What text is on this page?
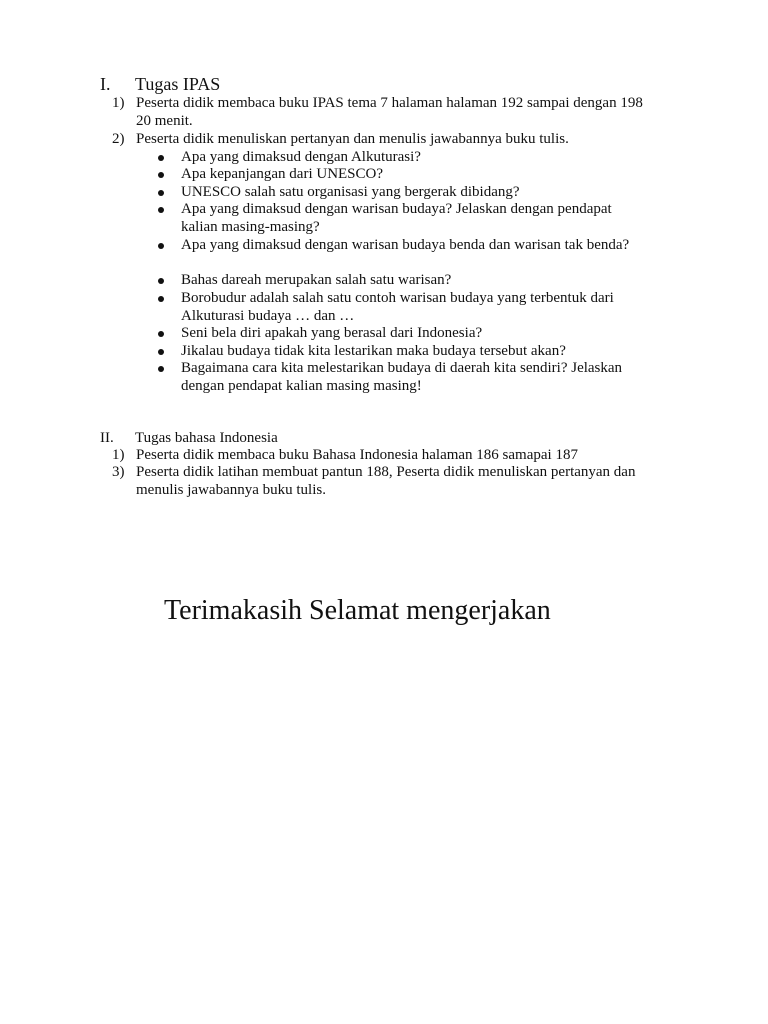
I. Tugas IPAS
1) Peserta didik membaca buku IPAS tema 7 halaman halaman 192 sampai dengan 198 20 menit.
2) Peserta didik menuliskan pertanyan dan menulis jawabannya buku tulis.
Apa yang dimaksud dengan Alkuturasi?
Apa kepanjangan dari UNESCO?
UNESCO salah satu organisasi yang bergerak dibidang?
Apa yang dimaksud dengan warisan budaya? Jelaskan dengan pendapat kalian masing-masing?
Apa yang dimaksud dengan warisan budaya benda dan warisan tak benda?
Bahas dareah merupakan salah satu warisan?
Borobudur adalah salah satu contoh warisan budaya yang terbentuk dari Alkuturasi budaya … dan …
Seni bela diri apakah yang berasal dari Indonesia?
Jikalau budaya tidak kita lestarikan maka budaya tersebut akan?
Bagaimana cara kita melestarikan budaya di daerah kita sendiri? Jelaskan dengan pendapat kalian masing masing!
II. Tugas bahasa Indonesia
1) Peserta didik membaca buku Bahasa Indonesia halaman 186 samapai 187
3) Peserta didik latihan membuat pantun 188, Peserta didik menuliskan pertanyan dan menulis jawabannya buku tulis.
Terimakasih Selamat mengerjakan
